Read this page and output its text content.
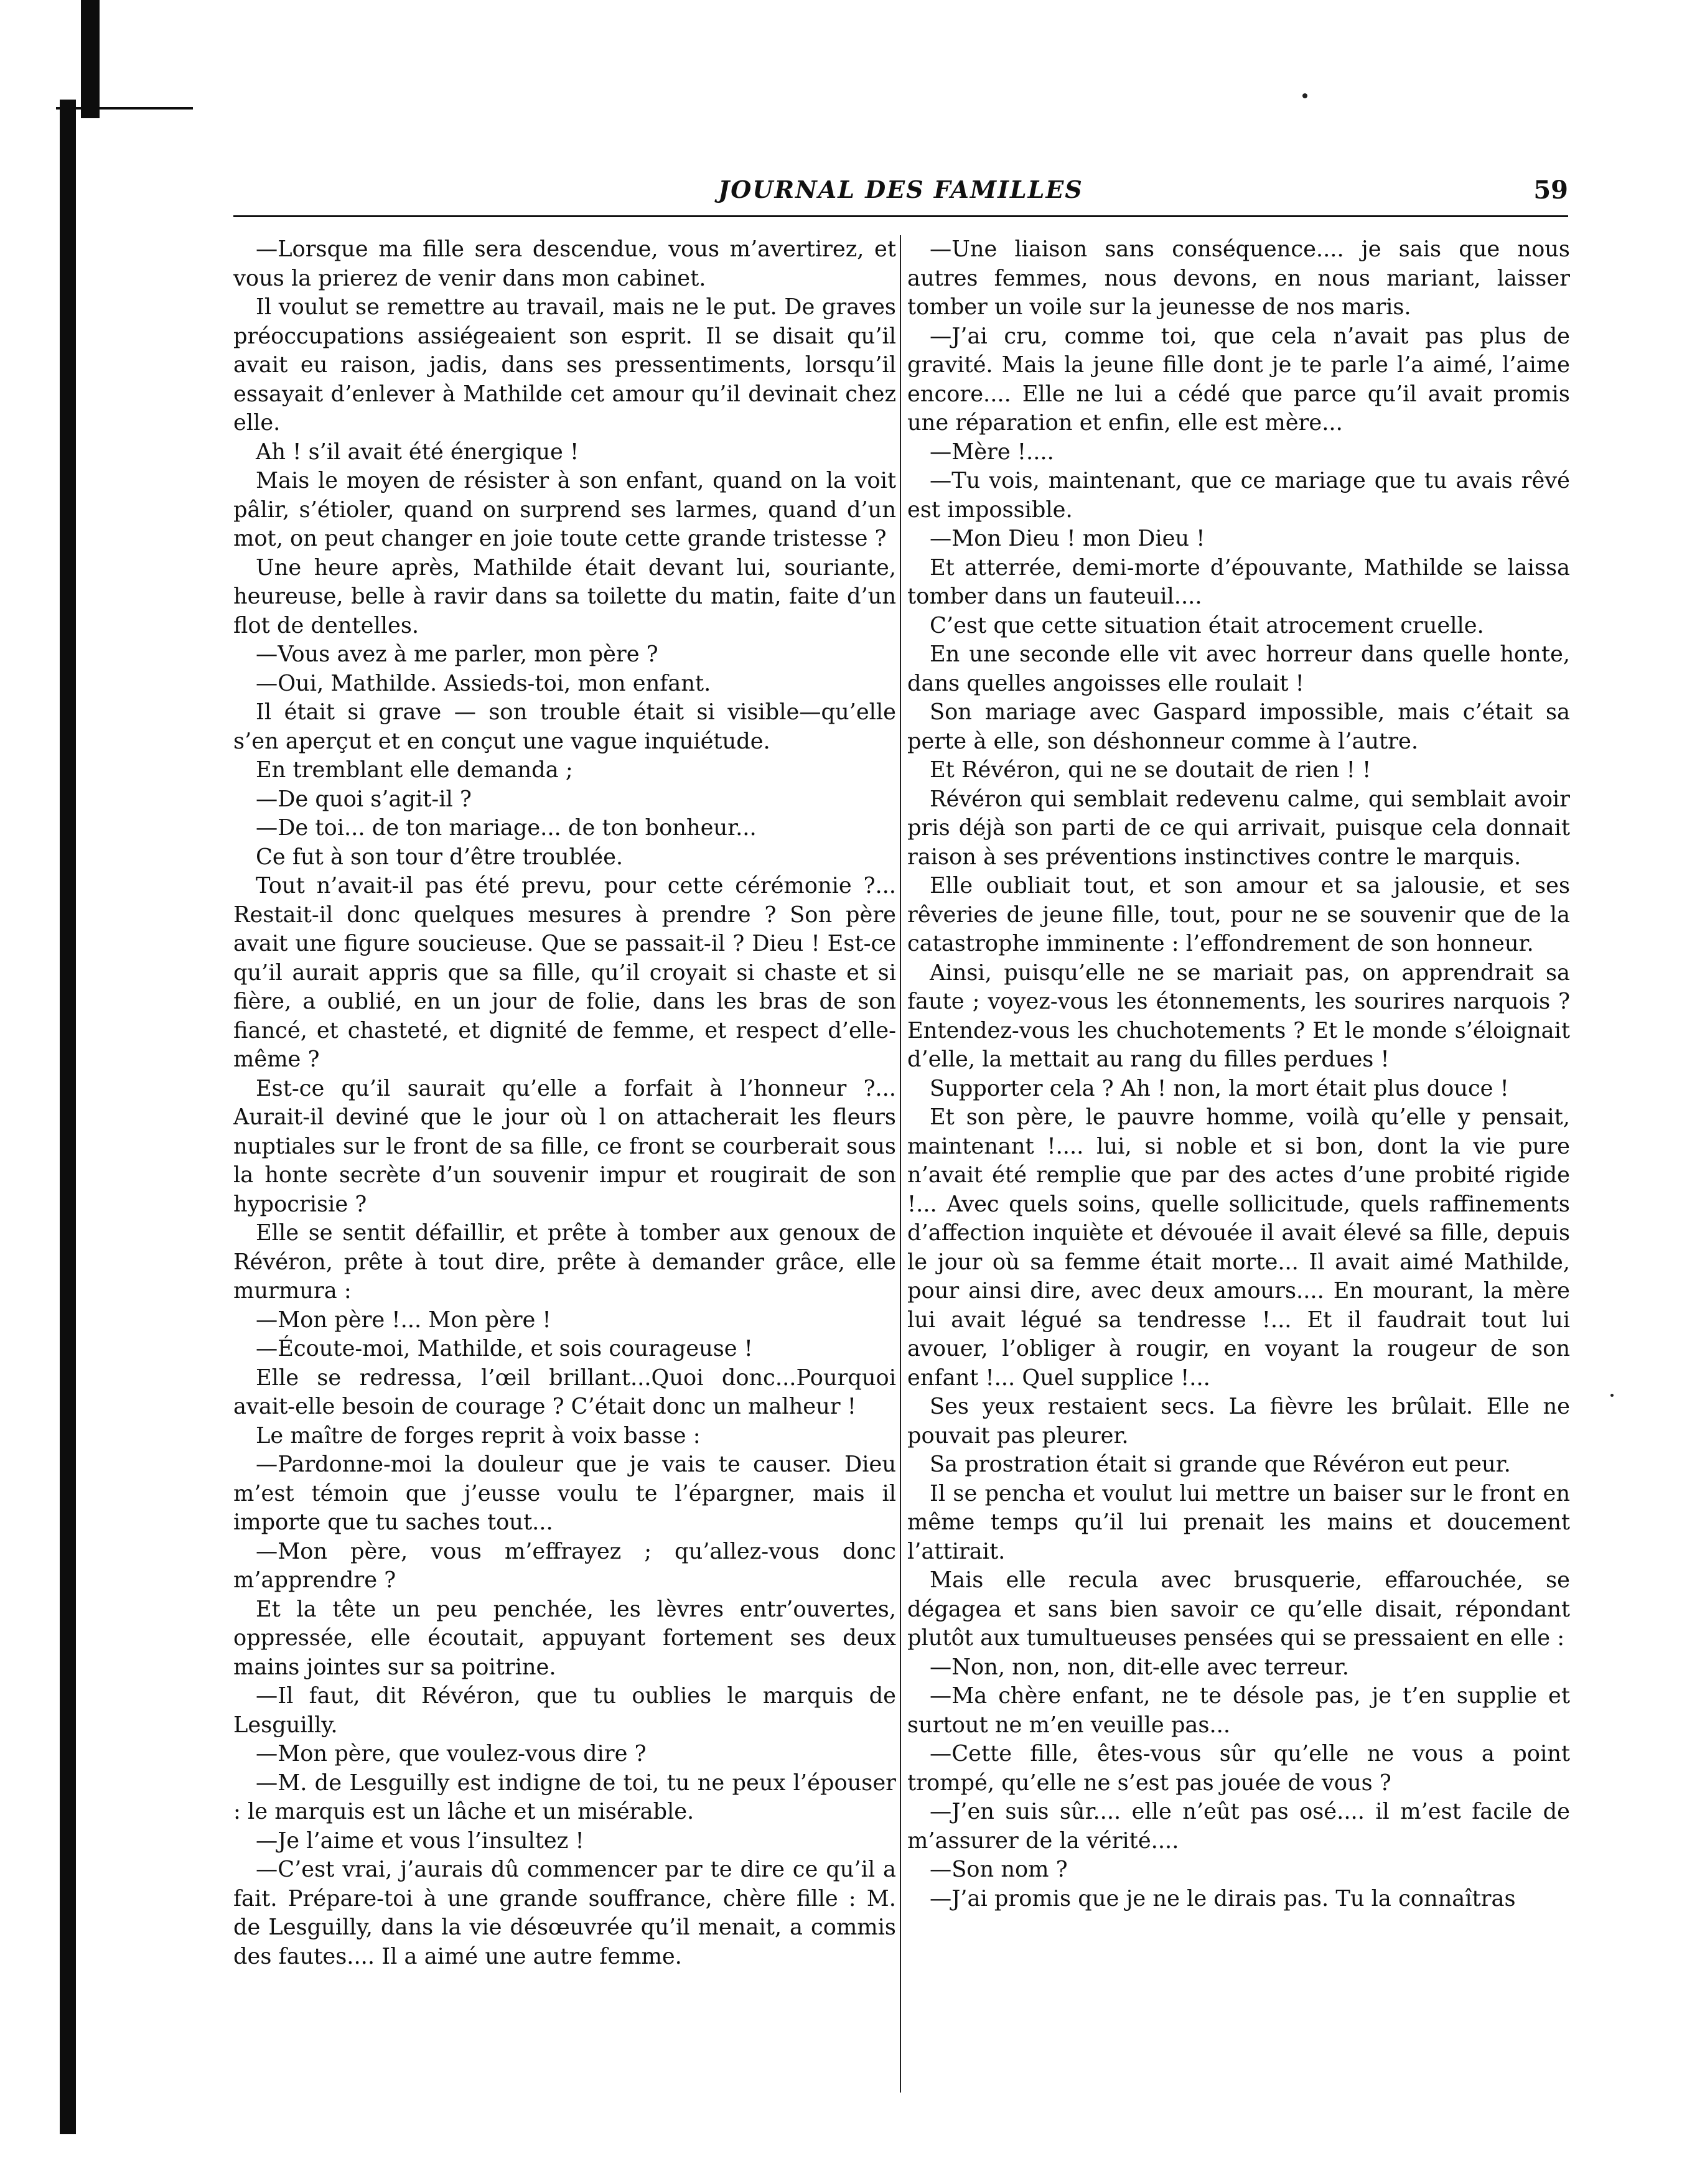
JOURNAL DES FAMILLES	59

—Lorsque ma fille sera descendue, vous m’avertirez, et vous la prierez de venir dans mon cabinet.

Il voulut se remettre au travail, mais ne le put. De graves préoccupations assiégeaient son esprit. Il se disait qu’il avait eu raison, jadis, dans ses pressentiments, lorsqu’il essayait d’enlever à Mathilde cet amour qu’il devinait chez elle.

Ah ! s’il avait été énergique !

Mais le moyen de résister à son enfant, quand on la voit pâlir, s’étioler, quand on surprend ses larmes, quand d’un mot, on peut changer en joie toute cette grande tristesse ?

Une heure après, Mathilde était devant lui, souriante, heureuse, belle à ravir dans sa toilette du matin, faite d’un flot de dentelles.

—Vous avez à me parler, mon père ?

—Oui, Mathilde. Assieds-toi, mon enfant.

Il était si grave — son trouble était si visible—qu’elle s’en aperçut et en conçut une vague inquiétude.

En tremblant elle demanda ;

—De quoi s’agit-il ?

—De toi... de ton mariage... de ton bonheur...

Ce fut à son tour d’être troublée.

Tout n’avait-il pas été prevu, pour cette cérémonie ?... Restait-il donc quelques mesures à prendre ? Son père avait une figure soucieuse. Que se passait-il ? Dieu ! Est-ce qu’il aurait appris que sa fille, qu’il croyait si chaste et si fière, a oublié, en un jour de folie, dans les bras de son fiancé, et chasteté, et dignité de femme, et respect d’elle-même ?

Est-ce qu’il saurait qu’elle a forfait à l’honneur ?... Aurait-il deviné que le jour où l on attacherait les fleurs nuptiales sur le front de sa fille, ce front se courberait sous la honte secrète d’un souvenir impur et rougirait de son hypocrisie ?

Elle se sentit défaillir, et prête à tomber aux genoux de Révéron, prête à tout dire, prête à demander grâce, elle murmura :

—Mon père !... Mon père !

—Écoute-moi, Mathilde, et sois courageuse !

Elle se redressa, l’œil brillant...Quoi donc...Pourquoi avait-elle besoin de courage ? C’était donc un malheur !

Le maître de forges reprit à voix basse :

—Pardonne-moi la douleur que je vais te causer. Dieu m’est témoin que j’eusse voulu te l’épargner, mais il importe que tu saches tout...

—Mon père, vous m’effrayez ; qu’allez-vous donc m’apprendre ?

Et la tête un peu penchée, les lèvres entr’ouvertes, oppressée, elle écoutait, appuyant fortement ses deux mains jointes sur sa poitrine.

—Il faut, dit Révéron, que tu oublies le marquis de Lesguilly.

—Mon père, que voulez-vous dire ?

—M. de Lesguilly est indigne de toi, tu ne peux l’épouser : le marquis est un lâche et un misérable.

—Je l’aime et vous l’insultez !

—C’est vrai, j’aurais dû commencer par te dire ce qu’il a fait. Prépare-toi à une grande souffrance, chère fille : M. de Lesguilly, dans la vie désœuvrée qu’il menait, a commis des fautes.... Il a aimé une autre femme.

—Une liaison sans conséquence.... je sais que nous autres femmes, nous devons, en nous mariant, laisser tomber un voile sur la jeunesse de nos maris.

—J’ai cru, comme toi, que cela n’avait pas plus de gravité. Mais la jeune fille dont je te parle l’a aimé, l’aime encore.... Elle ne lui a cédé que parce qu’il avait promis une réparation et enfin, elle est mère...

—Mère !....

—Tu vois, maintenant, que ce mariage que tu avais rêvé est impossible.

—Mon Dieu ! mon Dieu !

Et atterrée, demi-morte d’épouvante, Mathilde se laissa tomber dans un fauteuil....

C’est que cette situation était atrocement cruelle.

En une seconde elle vit avec horreur dans quelle honte, dans quelles angoisses elle roulait !

Son mariage avec Gaspard impossible, mais c’était sa perte à elle, son déshonneur comme à l’autre.

Et Révéron, qui ne se doutait de rien ! !

Révéron qui semblait redevenu calme, qui semblait avoir pris déjà son parti de ce qui arrivait, puisque cela donnait raison à ses préventions instinctives contre le marquis.

Elle oubliait tout, et son amour et sa jalousie, et ses rêveries de jeune fille, tout, pour ne se souvenir que de la catastrophe imminente : l’effondrement de son honneur.

Ainsi, puisqu’elle ne se mariait pas, on apprendrait sa faute ; voyez-vous les étonnements, les sourires narquois ? Entendez-vous les chuchotements ? Et le monde s’éloignait d’elle, la mettait au rang du filles perdues !

Supporter cela ? Ah ! non, la mort était plus douce !

Et son père, le pauvre homme, voilà qu’elle y pensait, maintenant !.... lui, si noble et si bon, dont la vie pure n’avait été remplie que par des actes d’une probité rigide !... Avec quels soins, quelle sollicitude, quels raffinements d’affection inquiète et dévouée il avait élevé sa fille, depuis le jour où sa femme était morte... Il avait aimé Mathilde, pour ainsi dire, avec deux amours.... En mourant, la mère lui avait légué sa tendresse !... Et il faudrait tout lui avouer, l’obliger à rougir, en voyant la rougeur de son enfant !... Quel supplice !...

Ses yeux restaient secs. La fièvre les brûlait. Elle ne pouvait pas pleurer.

Sa prostration était si grande que Révéron eut peur.

Il se pencha et voulut lui mettre un baiser sur le front en même temps qu’il lui prenait les mains et doucement l’attirait.

Mais elle recula avec brusquerie, effarouchée, se dégagea et sans bien savoir ce qu’elle disait, répondant plutôt aux tumultueuses pensées qui se pressaient en elle :

—Non, non, non, dit-elle avec terreur.

—Ma chère enfant, ne te désole pas, je t’en supplie et surtout ne m’en veuille pas...

—Cette fille, êtes-vous sûr qu’elle ne vous a point trompé, qu’elle ne s’est pas jouée de vous ?

—J’en suis sûr.... elle n’eût pas osé.... il m’est facile de m’assurer de la vérité....

—Son nom ?

—J’ai promis que je ne le dirais pas. Tu la connaîtras
